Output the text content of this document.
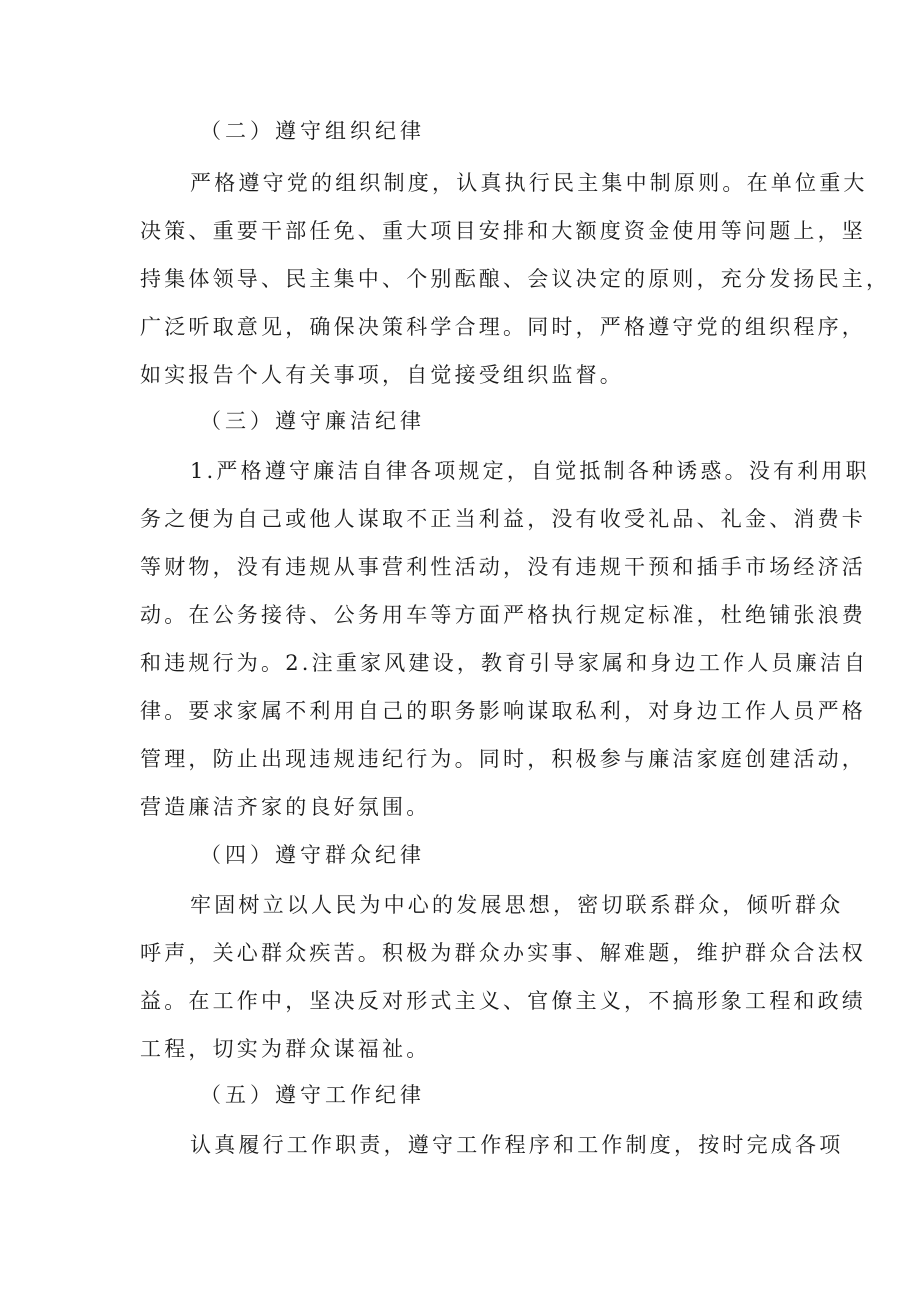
（二）遵守组织纪律
严格遵守党的组织制度，认真执行民主集中制原则。在单位重大
决策、重要干部任免、重大项目安排和大额度资金使用等问题上，坚
持集体领导、民主集中、个别酝酿、会议决定的原则，充分发扬民主，
广泛听取意见，确保决策科学合理。同时，严格遵守党的组织程序，
如实报告个人有关事项，自觉接受组织监督。
（三）遵守廉洁纪律
1.严格遵守廉洁自律各项规定，自觉抵制各种诱惑。没有利用职
务之便为自己或他人谋取不正当利益，没有收受礼品、礼金、消费卡
等财物，没有违规从事营利性活动，没有违规干预和插手市场经济活
动。在公务接待、公务用车等方面严格执行规定标准，杜绝铺张浪费
和违规行为。2.注重家风建设，教育引导家属和身边工作人员廉洁自
律。要求家属不利用自己的职务影响谋取私利，对身边工作人员严格
管理，防止出现违规违纪行为。同时，积极参与廉洁家庭创建活动，
营造廉洁齐家的良好氛围。
（四）遵守群众纪律
牢固树立以人民为中心的发展思想，密切联系群众，倾听群众
呼声，关心群众疾苦。积极为群众办实事、解难题，维护群众合法权
益。在工作中，坚决反对形式主义、官僚主义，不搞形象工程和政绩
工程，切实为群众谋福祉。
（五）遵守工作纪律
认真履行工作职责，遵守工作程序和工作制度，按时完成各项
